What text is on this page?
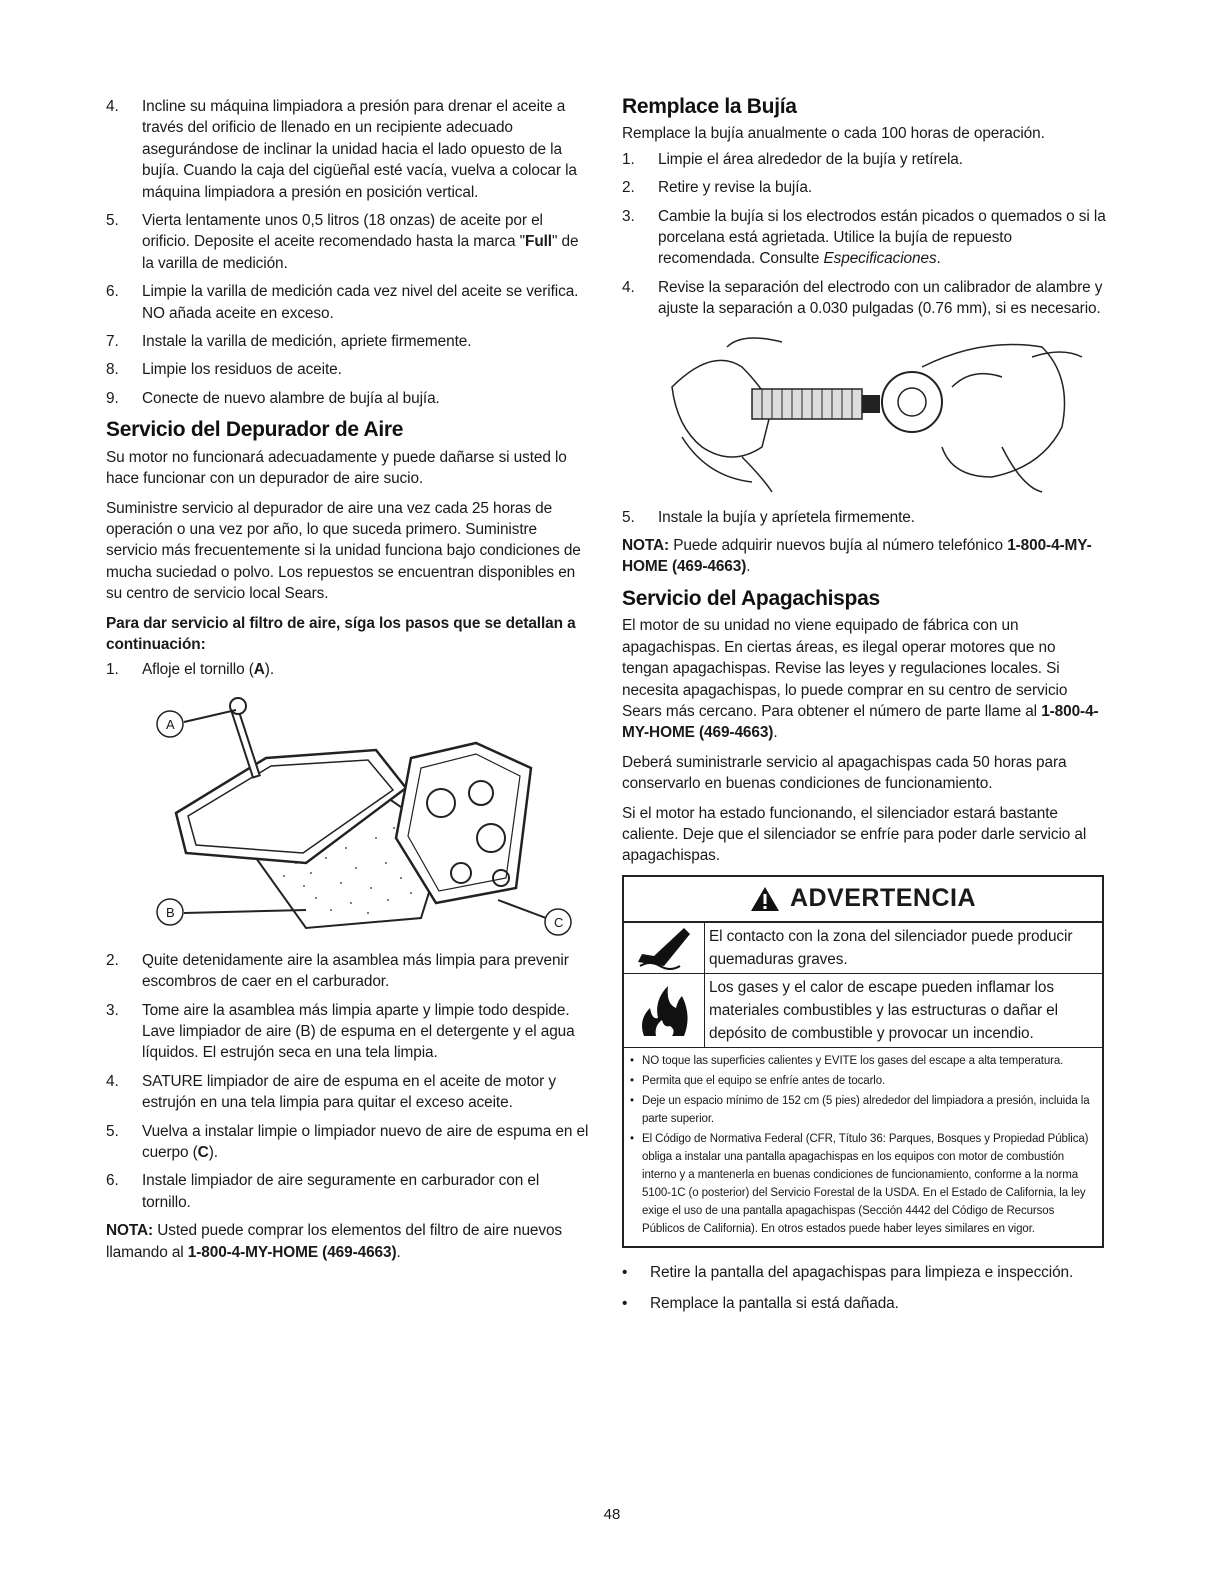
4. Incline su máquina limpiadora a presión para drenar el aceite a través del orificio de llenado en un recipiente adecuado asegurándose de inclinar la unidad hacia el lado opuesto de la bujía. Cuando la caja del cigüeñal esté vacía, vuelva a colocar la máquina limpiadora a presión en posición vertical.
5. Vierta lentamente unos 0,5 litros (18 onzas) de aceite por el orificio. Deposite el aceite recomendado hasta la marca "Full" de la varilla de medición.
6. Limpie la varilla de medición cada vez nivel del aceite se verifica. NO añada aceite en exceso.
7. Instale la varilla de medición, apriete firmemente.
8. Limpie los residuos de aceite.
9. Conecte de nuevo alambre de bujía al bujía.
Servicio del Depurador de Aire

Su motor no funcionará adecuadamente y puede dañarse si usted lo hace funcionar con un depurador de aire sucio.

Suministre servicio al depurador de aire una vez cada 25 horas de operación o una vez por año, lo que suceda primero. Suministre servicio más frecuentemente si la unidad funciona bajo condiciones de mucha suciedad o polvo. Los repuestos se encuentran disponibles en su centro de servicio local Sears.

Para dar servicio al filtro de aire, síga los pasos que se detallan a continuación:

1. Afloje el tornillo (A).
A
B
C
2. Quite detenidamente aire la asamblea más limpia para prevenir escombros de caer en el carburador.
3. Tome aire la asamblea más limpia aparte y limpie todo despide. Lave limpiador de aire (B) de espuma en el detergente y el agua líquidos. El estrujón seca en una tela limpia.
4. SATURE limpiador de aire de espuma en el aceite de motor y estrujón en una tela limpia para quitar el exceso aceite.
5. Vuelva a instalar limpie o limpiador nuevo de aire de espuma en el cuerpo (C).
6. Instale limpiador de aire seguramente en carburador con el tornillo.

NOTA: Usted puede comprar los elementos del filtro de aire nuevos llamando al 1-800-4-MY-HOME (469-4663).

Remplace la Bujía

Remplace la bujía anualmente o cada 100 horas de operación.

1. Limpie el área alrededor de la bujía y retírela.
2. Retire y revise la bujía.
3. Cambie la bujía si los electrodos están picados o quemados o si la porcelana está agrietada. Utilice la bujía de repuesto recomendada. Consulte Especificaciones.
4. Revise la separación del electrodo con un calibrador de alambre y ajuste la separación a 0.030 pulgadas (0.76 mm), si es necesario.
5. Instale la bujía y apríetela firmemente.

NOTA: Puede adquirir nuevos bujía al número telefónico 1-800-4-MY-HOME (469-4663).

Servicio del Apagachispas

El motor de su unidad no viene equipado de fábrica con un apagachispas. En ciertas áreas, es ilegal operar motores que no tengan apagachispas. Revise las leyes y regulaciones locales. Si necesita apagachispas, lo puede comprar en su centro de servicio Sears más cercano. Para obtener el número de parte llame al 1-800-4-MY-HOME (469-4663).

Deberá suministrarle servicio al apagachispas cada 50 horas para conservarlo en buenas condiciones de funcionamiento.

Si el motor ha estado funcionando, el silenciador estará bastante caliente. Deje que el silenciador se enfríe para poder darle servicio al apagachispas.

ADVERTENCIA
El contacto con la zona del silenciador puede producir quemaduras graves.
Los gases y el calor de escape pueden inflamar los materiales combustibles y las estructuras o dañar el depósito de combustible y provocar un incendio.
• NO toque las superficies calientes y EVITE los gases del escape a alta temperatura.
• Permita que el equipo se enfríe antes de tocarlo.
• Deje un espacio mínimo de 152 cm (5 pies) alrededor del limpiadora a presión, incluida la parte superior.
• El Código de Normativa Federal (CFR, Título 36: Parques, Bosques y Propiedad Pública) obliga a instalar una pantalla apagachispas en los equipos con motor de combustión interno y a mantenerla en buenas condiciones de funcionamiento, conforme a la norma 5100-1C (o posterior) del Servicio Forestal de la USDA. En el Estado de California, la ley exige el uso de una pantalla apagachispas (Sección 4442 del Código de Recursos Públicos de California). En otros estados puede haber leyes similares en vigor.
• Retire la pantalla del apagachispas para limpieza e inspección.
• Remplace la pantalla si está dañada.
48
